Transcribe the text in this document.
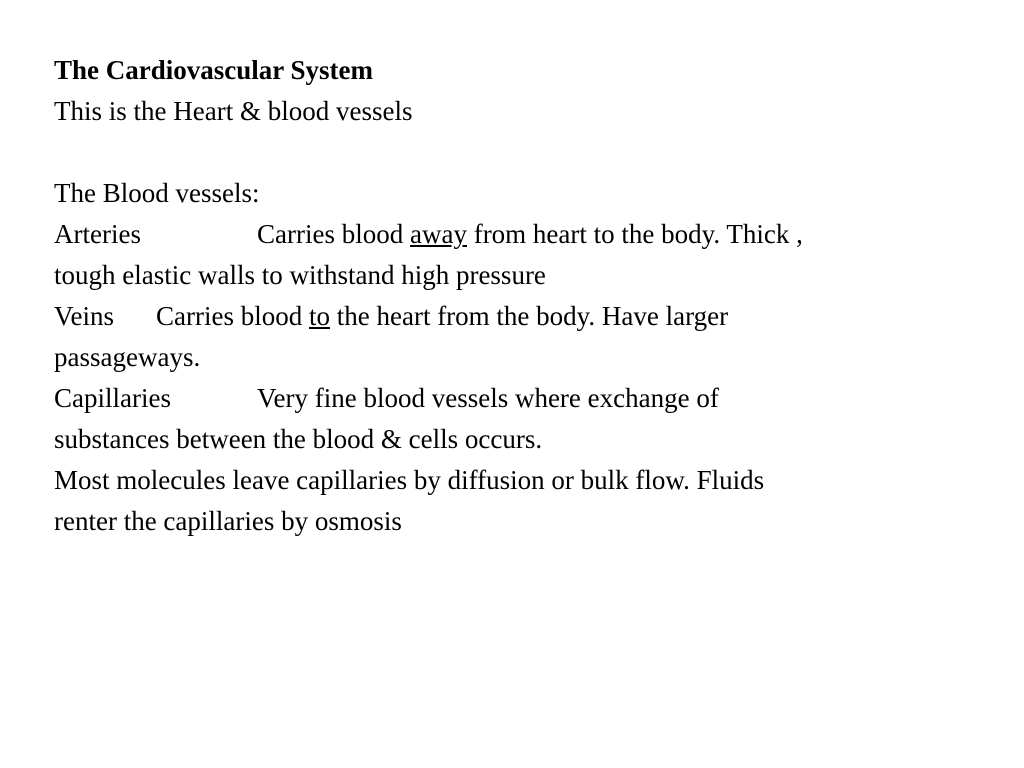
The Cardiovascular System
This is the Heart & blood vessels
The Blood vessels:
Arteries	Carries blood away from heart to the body. Thick ,
tough elastic walls to withstand high pressure
Veins Carries blood to the heart from the body. Have larger
passageways.
Capillaries	Very fine blood vessels where exchange of
substances between the blood & cells occurs.
Most molecules leave capillaries by diffusion or bulk flow. Fluids
renter the capillaries by osmosis
